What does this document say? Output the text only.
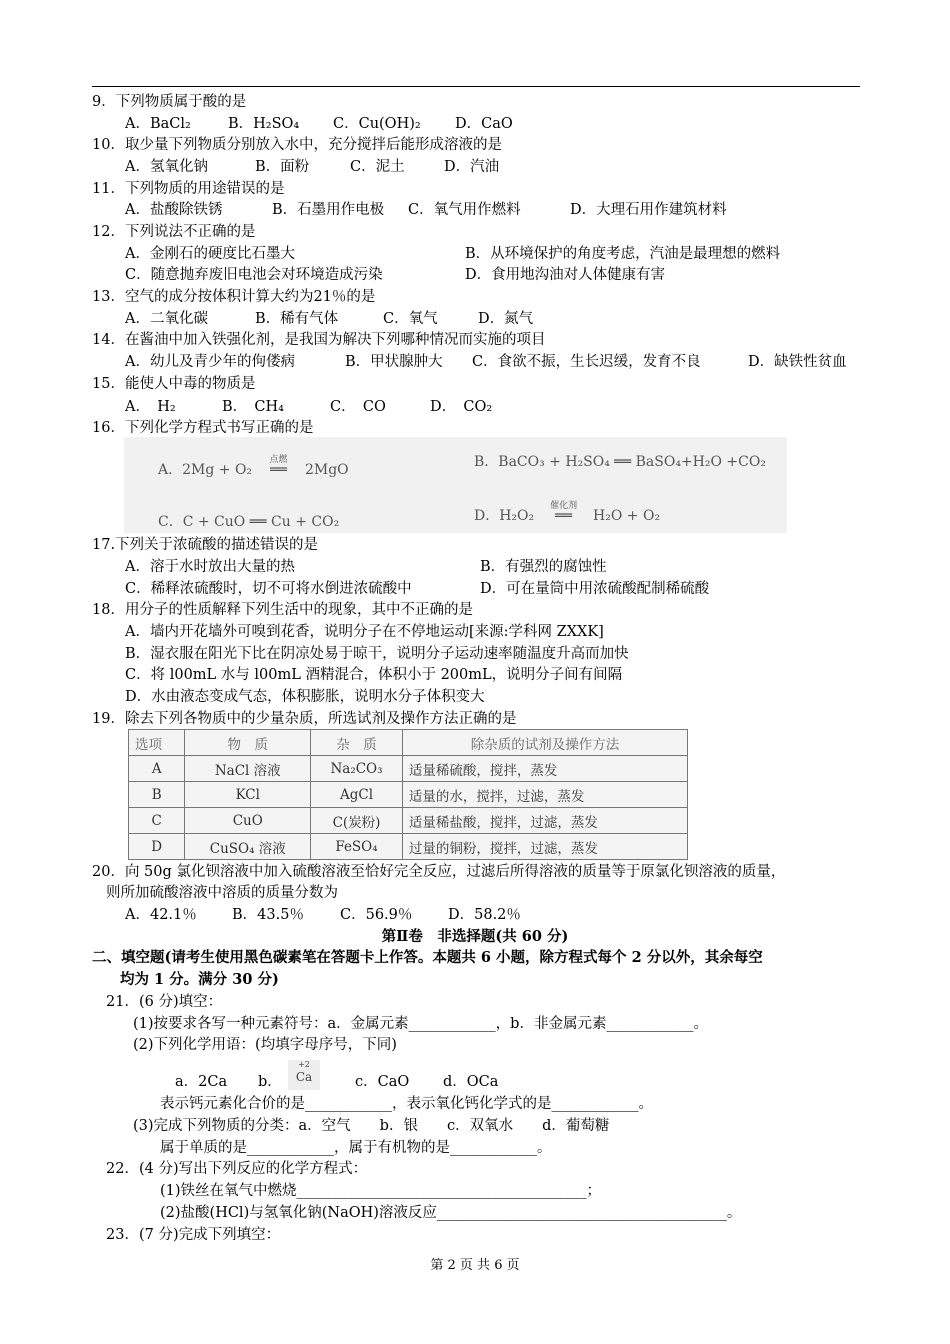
9．下列物质属于酸的是
A．BaCl₂	B．H₂SO₄ C．Cu(OH)₂ D．CaO
10．取少量下列物质分别放入水中，充分搅拌后能形成溶液的是
A．氢氧化钠	B．面粉	C．泥土	D．汽油
11．下列物质的用途错误的是
A．盐酸除铁锈	B．石墨用作电极 C．氧气用作燃料	D．大理石用作建筑材料
12．下列说法不正确的是
A．金刚石的硬度比石墨大	B．从环境保护的角度考虑，汽油是最理想的燃料
C．随意抛弃废旧电池会对环境造成污染	D．食用地沟油对人体健康有害
13．空气的成分按体积计算大约为21％的是
A．二氧化碳	B．稀有气体	C．氧气	D．氮气
14．在酱油中加入铁强化剂，是我国为解决下列哪种情况而实施的项目
A．幼儿及青少年的佝偻病	B．甲状腺肿大 C．食欲不振，生长迟缓，发育不良	D．缺铁性贫血
15．能使人中毒的物质是
A．　H₂	B．　CH₄	C．　CO	D．　CO₂
16．下列化学方程式书写正确的是
A．2Mg + O₂
点燃
══ 2MgO	B．BaCO₃ + H₂SO₄ ══ BaSO₄+H₂O +CO₂
C．C + CuO ══ Cu + CO₂	D．H₂O₂
催化剂
══ H₂O + O₂
17.下列关于浓硫酸的描述错误的是
A．溶于水时放出大量的热	B．有强烈的腐蚀性
C．稀释浓硫酸时，切不可将水倒进浓硫酸中	D．可在量筒中用浓硫酸配制稀硫酸
18．用分子的性质解释下列生活中的现象，其中不正确的是
A．墙内开花墙外可嗅到花香，说明分子在不停地运动[来源:学科网 ZXXK]
B．湿衣服在阳光下比在阴凉处易于晾干，说明分子运动速率随温度升高而加快
C．将 l00mL 水与 l00mL 酒精混合，体积小于 200mL，说明分子间有间隔
D．水由液态变成气态，体积膨胀，说明水分子体积变大
19．除去下列各物质中的少量杂质，所选试剂及操作方法正确的是
选项	物　质	杂　质	除杂质的试剂及操作方法
A	NaCl 溶液	Na₂CO₃	适量稀硫酸，搅拌，蒸发
B	KCl	AgCl	适量的水，搅拌，过滤，蒸发
C	CuO	C(炭粉)	适量稀盐酸，搅拌，过滤，蒸发
D	CuSO₄ 溶液	FeSO₄	过量的铜粉，搅拌，过滤，蒸发
20．向 50g 氯化钡溶液中加入硫酸溶液至恰好完全反应，过滤后所得溶液的质量等于原氯化钡溶液的质量，
则所加硫酸溶液中溶质的质量分数为
A．42.1％ B．43.5％ C．56.9％ D．58.2％
第Ⅱ卷　非选择题(共 60 分)
二、填空题(请考生使用黑色碳素笔在答题卡上作答。本题共 6 小题，除方程式每个 2 分以外，其余每空
均为 1 分。满分 30 分)
21．(6 分)填空：
(1)按要求各写一种元素符号：a．金属元素____________，b．非金属元素____________。
(2)下列化学用语：(均填字母序号，下同)
a．2Ca b．
+2
Ca	c．CaO d．OCa
表示钙元素化合价的是____________，表示氧化钙化学式的是____________。
(3)完成下列物质的分类：a．空气　　b．银　　c．双氧水　　d．葡萄糖
属于单质的是____________，属于有机物的是____________。
22．(4 分)写出下列反应的化学方程式：
(1)铁丝在氧气中燃烧________________________________________；
(2)盐酸(HCl)与氢氧化钠(NaOH)溶液反应________________________________________。
23．(7 分)完成下列填空：
第 2 页 共 6 页
